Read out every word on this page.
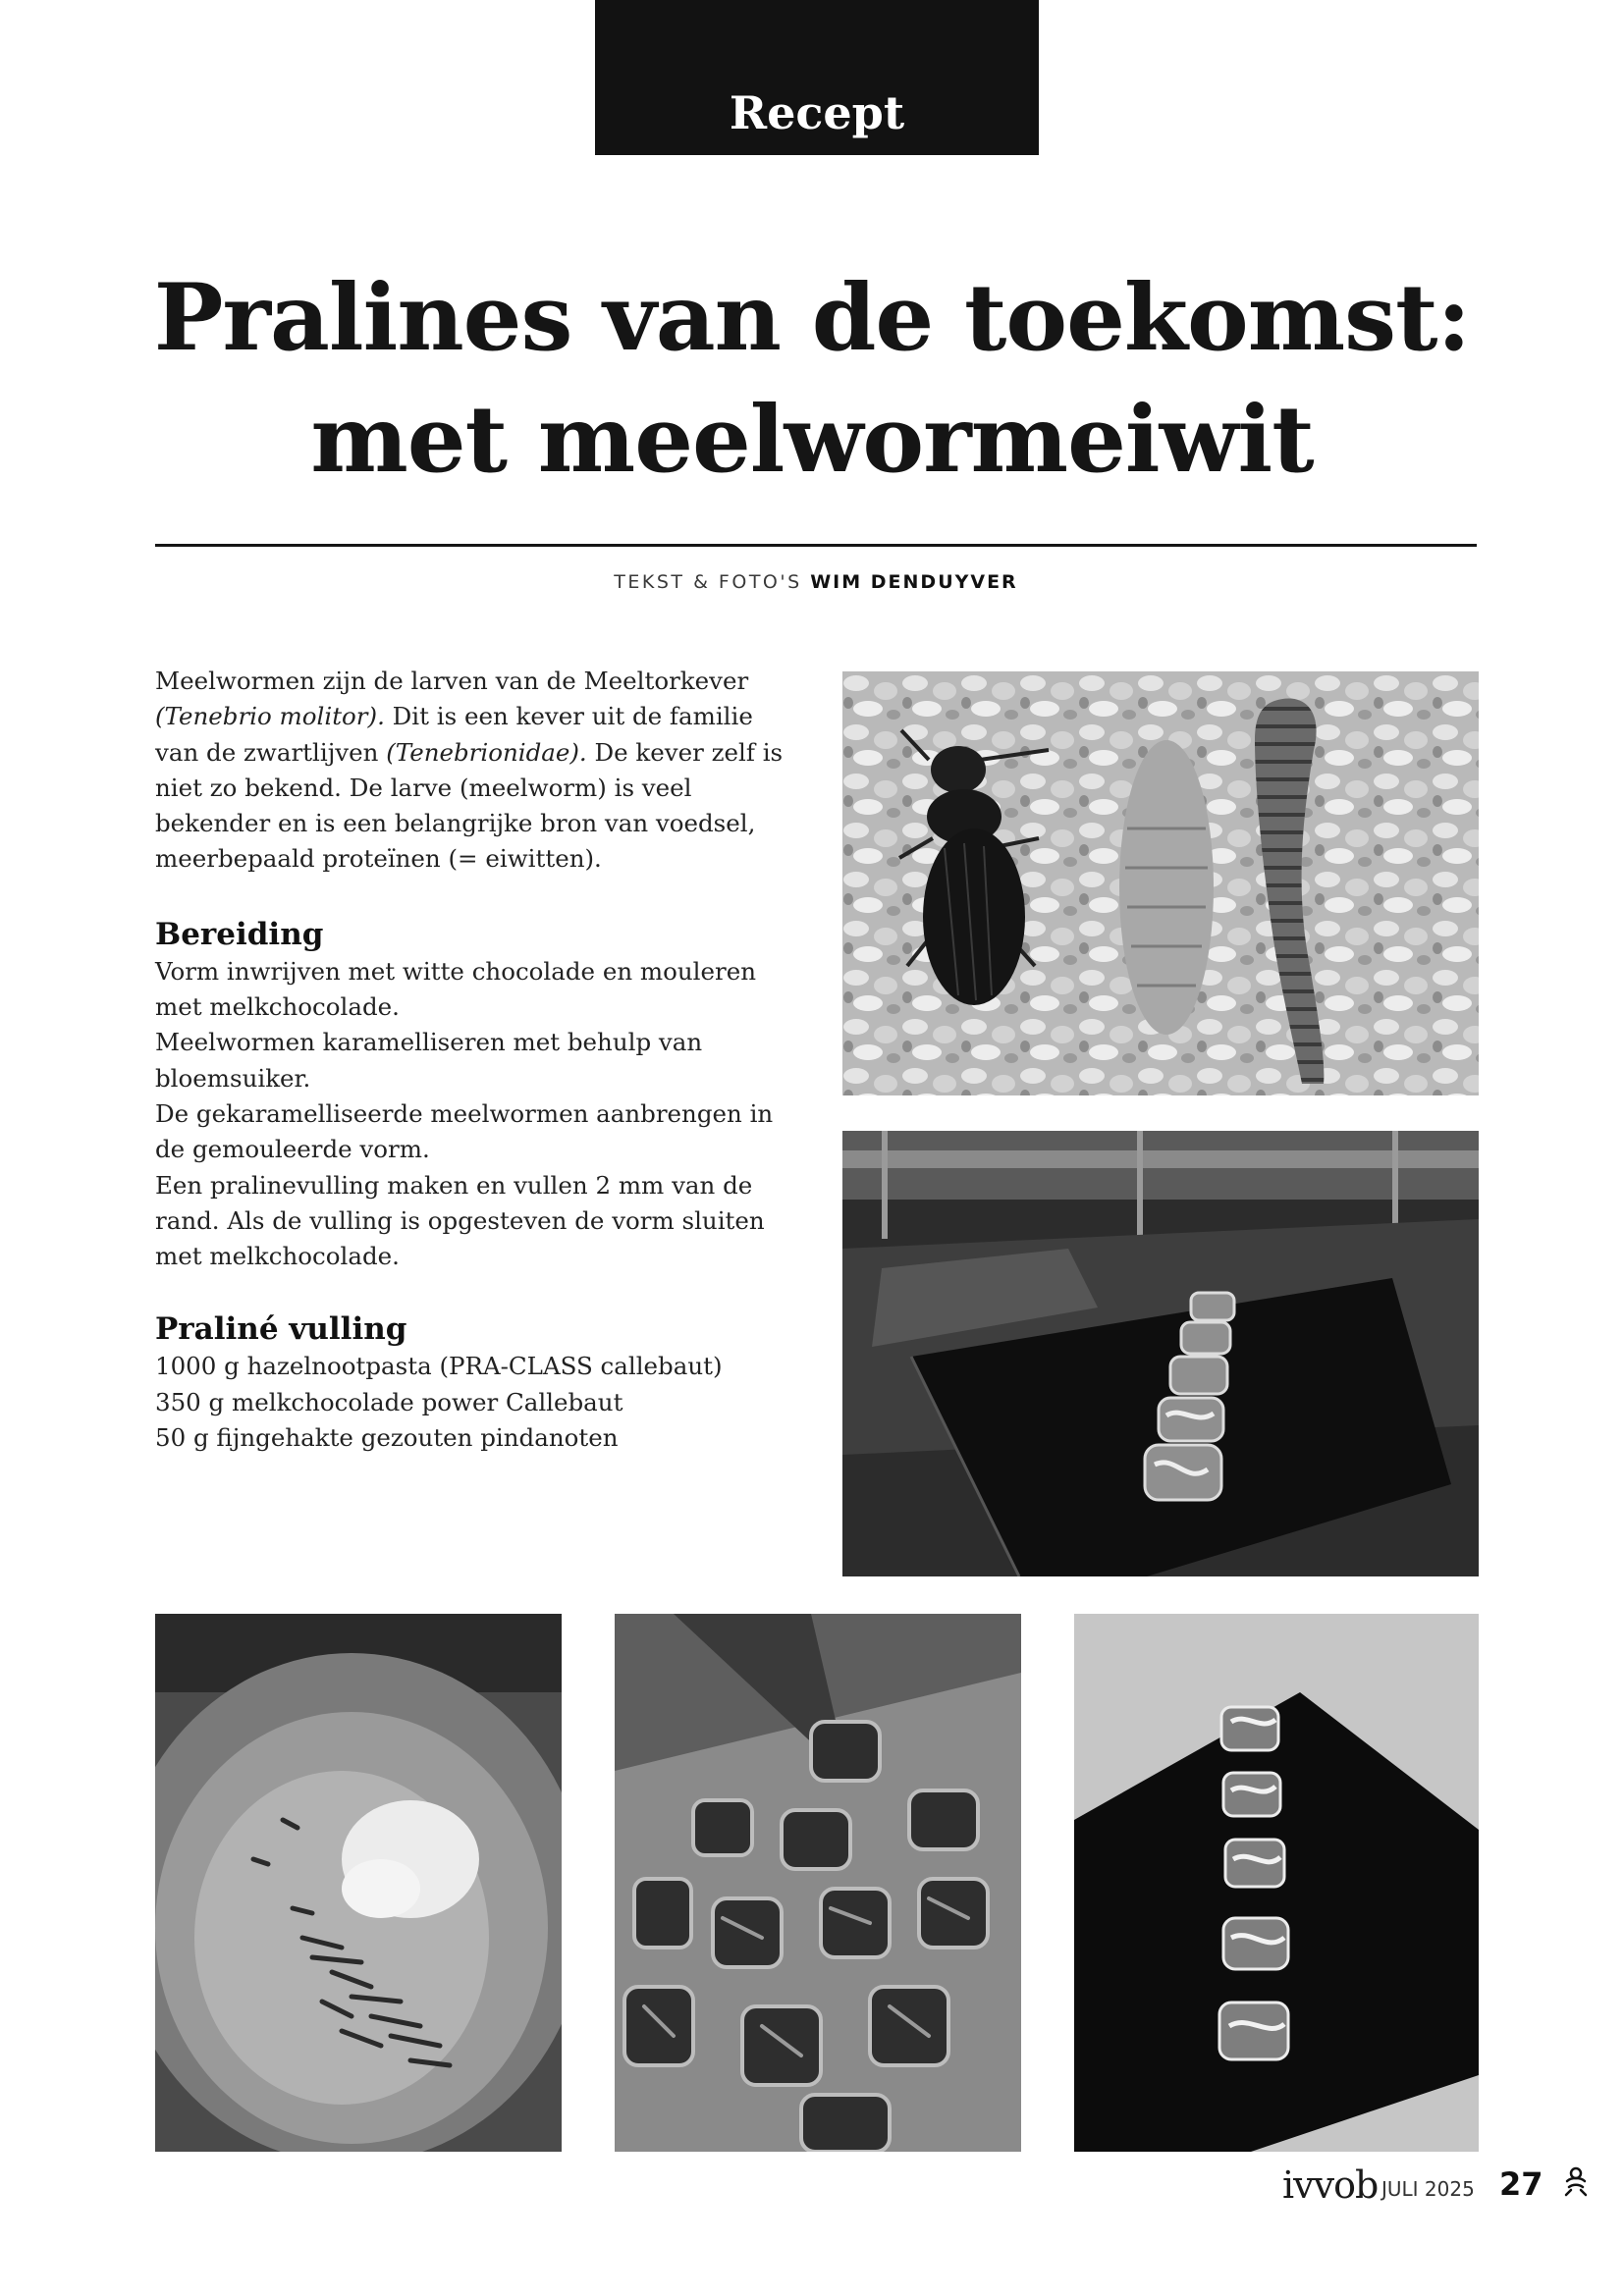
Recept
Pralines van de toekomst:
met meelwormeiwit
TEKST & FOTO'S WIM DENDUYVER

Meelwormen zijn de larven van de Meeltorkever (Tenebrio molitor). Dit is een kever uit de familie van de zwartlijven (Tenebrionidae). De kever zelf is niet zo bekend. De larve (meelworm) is veel bekender en is een belangrijke bron van voedsel, meerbepaald proteïnen (= eiwitten).

Bereiding

Vorm inwrijven met witte chocolade en mouleren met melkchocolade.

Meelwormen karamelliseren met behulp van bloemsuiker.

De gekaramelliseerde meelwormen aanbrengen in de gemouleerde vorm.

Een pralinevulling maken en vullen 2 mm van de rand. Als de vulling is opgesteven de vorm sluiten met melkchocolade.

Praliné vulling

1000 g hazelnootpasta (PRA-CLASS callebaut)

350 g melkchocolade power Callebaut

50 g fijngehakte gezouten pindanoten

ivvob JULI 2025 27
